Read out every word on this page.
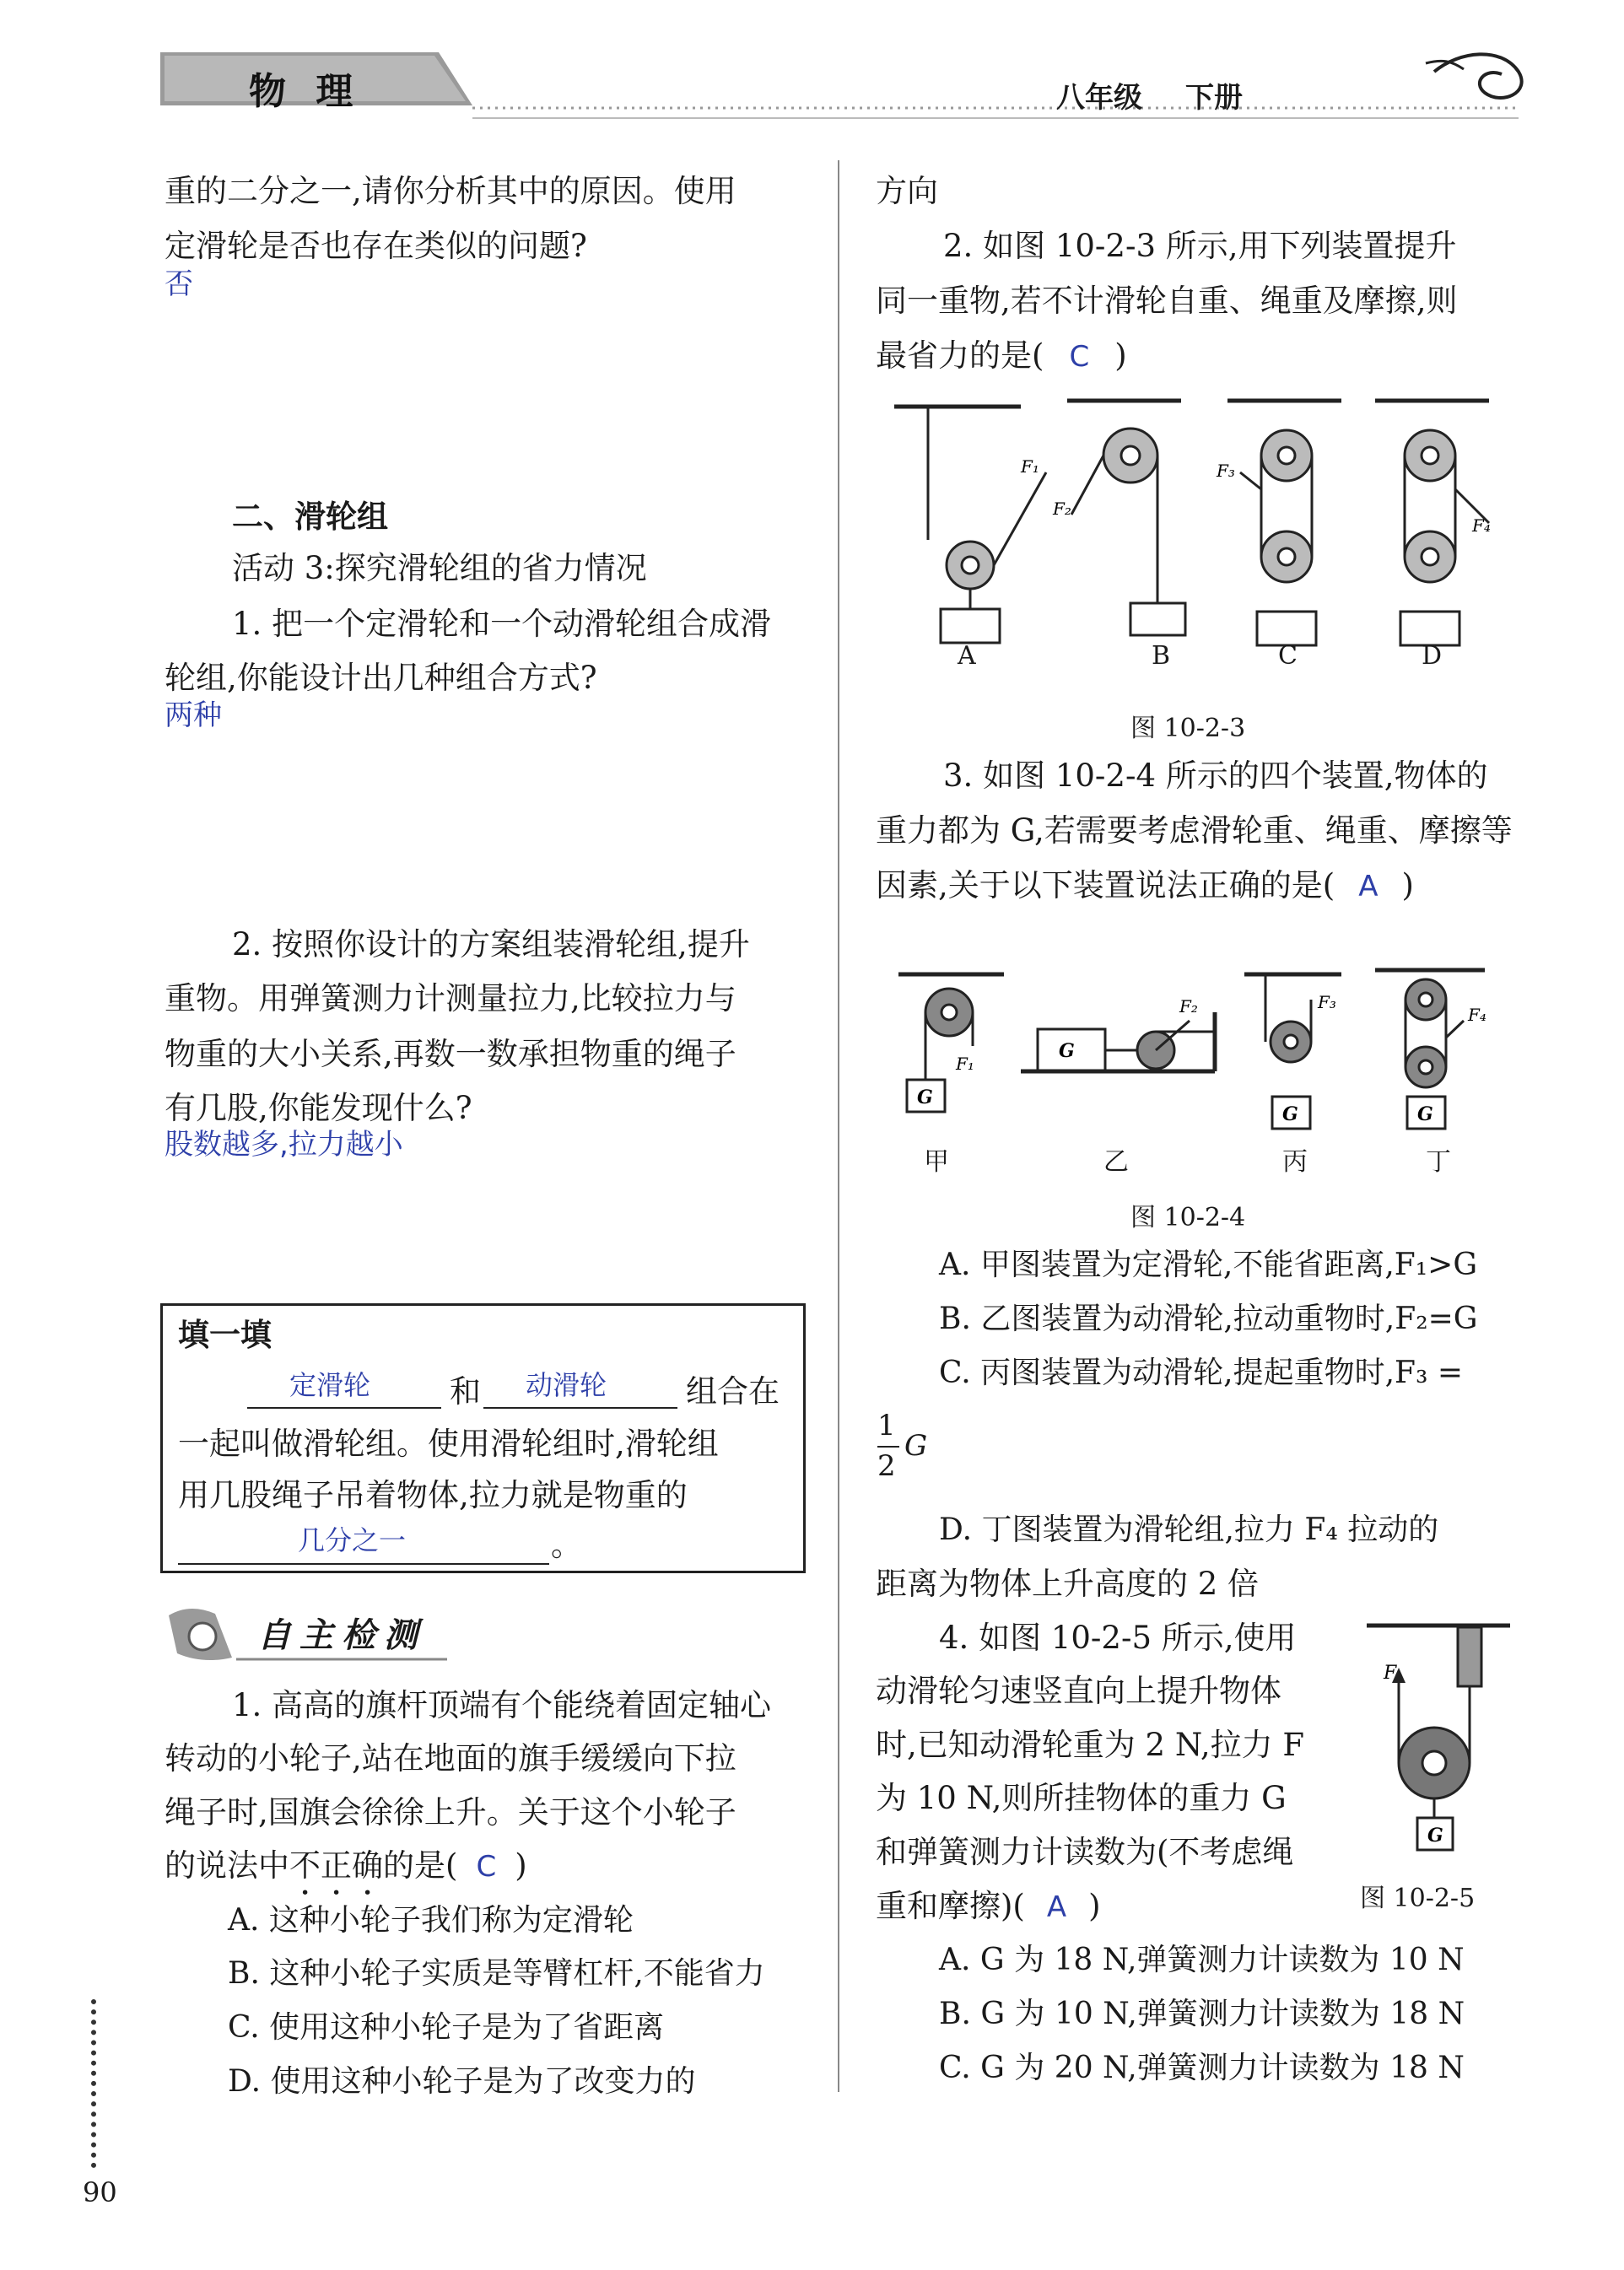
物 理	八年级 下册
重的二分之一,请你分析其中的原因。使用
定滑轮是否也存在类似的问题?
否
二、滑轮组
活动 3:探究滑轮组的省力情况
1. 把一个定滑轮和一个动滑轮组合成滑
轮组,你能设计出几种组合方式?
两种
2. 按照你设计的方案组装滑轮组,提升
重物。用弹簧测力计测量拉力,比较拉力与
物重的大小关系,再数一数承担物重的绳子
有几股,你能发现什么?
股数越多,拉力越小
填一填
定滑轮	和 动滑轮	组合在
一起叫做滑轮组。使用滑轮组时,滑轮组
用几股绳子吊着物体,拉力就是物重的
几分之一	。
自主检测
1. 高高的旗杆顶端有个能绕着固定轴心
转动的小轮子,站在地面的旗手缓缓向下拉
绳子时,国旗会徐徐上升。关于这个小轮子
的说法中不正确的是( C )
A. 这种小轮子我们称为定滑轮
B. 这种小轮子实质是等臂杠杆,不能省力
C. 使用这种小轮子是为了省距离
D. 使用这种小轮子是为了改变力的
90
方向
2. 如图 10-2-3 所示,用下列装置提升
同一重物,若不计滑轮自重、绳重及摩擦,则
最省力的是( C )
F₁
F₂
F₃
F₄
A	B	C	D
图 10-2-3
3. 如图 10-2-4 所示的四个装置,物体的
重力都为 G,若需要考虑滑轮重、绳重、摩擦等
因素,关于以下装置说法正确的是( A )
F₁
F₂	F₃
F₄
G
G	G
G
甲	乙	丙	丁
图 10-2-4
A. 甲图装置为定滑轮,不能省距离,F₁>G
B. 乙图装置为动滑轮,拉动重物时,F₂=G
C. 丙图装置为动滑轮,提起重物时,F₃ =
1
2
G
D. 丁图装置为滑轮组,拉力 F₄ 拉动的
距离为物体上升高度的 2 倍
4. 如图 10-2-5 所示,使用
动滑轮匀速竖直向上提升物体
时,已知动滑轮重为 2 N,拉力 F
为 10 N,则所挂物体的重力 G
和弹簧测力计读数为(不考虑绳
重和摩擦)( A )
F
G
图 10-2-5
A. G 为 18 N,弹簧测力计读数为 10 N
B. G 为 10 N,弹簧测力计读数为 18 N
C. G 为 20 N,弹簧测力计读数为 18 N
